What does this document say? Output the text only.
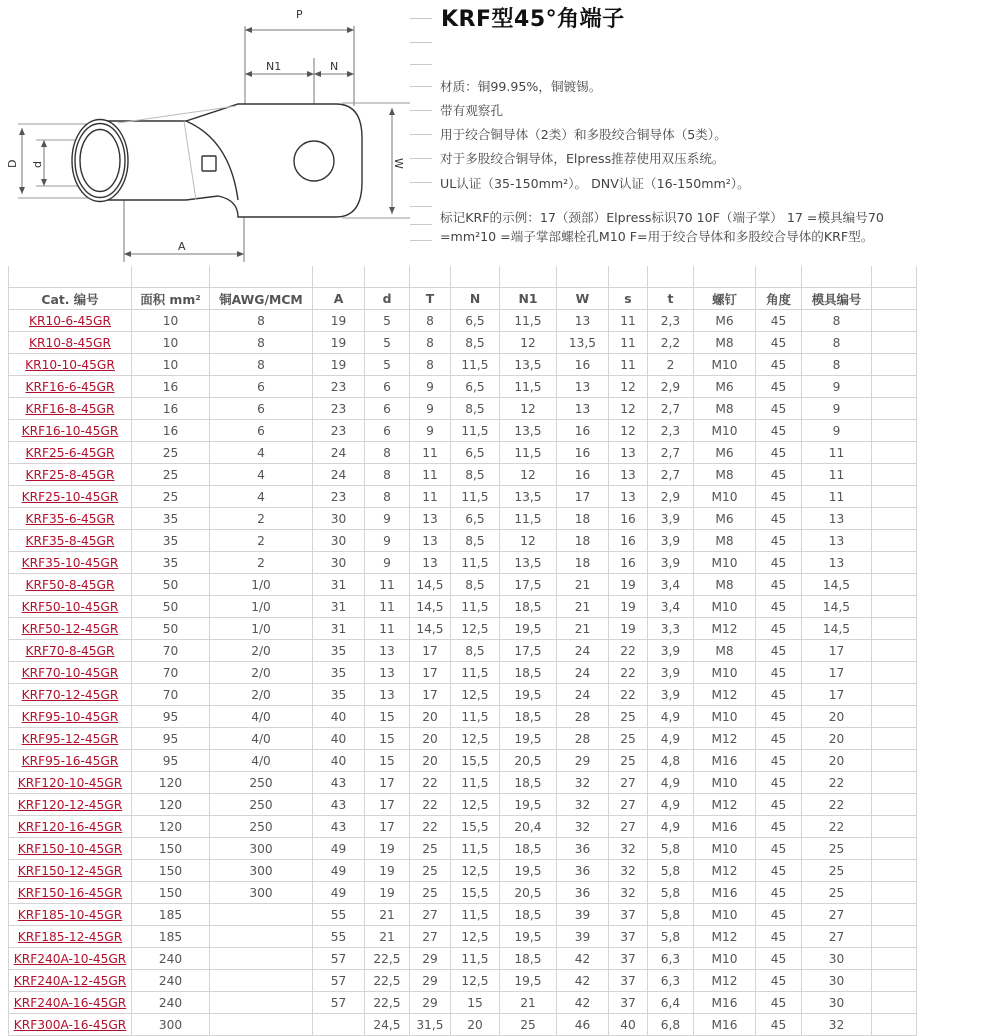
P
N1	N
W
D d
A
KRF型45°角端子
材质：铜99.95%，铜镀锡。
带有观察孔
用于绞合铜导体（2类）和多股绞合铜导体（5类）。
对于多股绞合铜导体，Elpress推荐使用双压系统。
UL认证（35-150mm²）。 DNV认证（16-150mm²）。
标记KRF的示例：17（颈部）Elpress标识70 10F（端子掌） 17 =模具编号70 =mm²10 =端子掌部螺栓孔M10 F=用于绞合导体和多股绞合导体的KRF型。

Cat. 编号	面积 mm²	铜AWG/MCM	A	d	T	N	N1	W	s	t	螺钉	角度	模具编号	
KR10-6-45GR	10	8	19	5	8	6,5	11,5	13	11	2,3	M6	45	8	
KR10-8-45GR	10	8	19	5	8	8,5	12	13,5	11	2,2	M8	45	8	
KR10-10-45GR	10	8	19	5	8	11,5	13,5	16	11	2	M10	45	8	
KRF16-6-45GR	16	6	23	6	9	6,5	11,5	13	12	2,9	M6	45	9	
KRF16-8-45GR	16	6	23	6	9	8,5	12	13	12	2,7	M8	45	9	
KRF16-10-45GR	16	6	23	6	9	11,5	13,5	16	12	2,3	M10	45	9	
KRF25-6-45GR	25	4	24	8	11	6,5	11,5	16	13	2,7	M6	45	11	
KRF25-8-45GR	25	4	24	8	11	8,5	12	16	13	2,7	M8	45	11	
KRF25-10-45GR	25	4	23	8	11	11,5	13,5	17	13	2,9	M10	45	11	
KRF35-6-45GR	35	2	30	9	13	6,5	11,5	18	16	3,9	M6	45	13	
KRF35-8-45GR	35	2	30	9	13	8,5	12	18	16	3,9	M8	45	13	
KRF35-10-45GR	35	2	30	9	13	11,5	13,5	18	16	3,9	M10	45	13	
KRF50-8-45GR	50	1/0	31	11	14,5	8,5	17,5	21	19	3,4	M8	45	14,5	
KRF50-10-45GR	50	1/0	31	11	14,5	11,5	18,5	21	19	3,4	M10	45	14,5	
KRF50-12-45GR	50	1/0	31	11	14,5	12,5	19,5	21	19	3,3	M12	45	14,5	
KRF70-8-45GR	70	2/0	35	13	17	8,5	17,5	24	22	3,9	M8	45	17	
KRF70-10-45GR	70	2/0	35	13	17	11,5	18,5	24	22	3,9	M10	45	17	
KRF70-12-45GR	70	2/0	35	13	17	12,5	19,5	24	22	3,9	M12	45	17	
KRF95-10-45GR	95	4/0	40	15	20	11,5	18,5	28	25	4,9	M10	45	20	
KRF95-12-45GR	95	4/0	40	15	20	12,5	19,5	28	25	4,9	M12	45	20	
KRF95-16-45GR	95	4/0	40	15	20	15,5	20,5	29	25	4,8	M16	45	20	
KRF120-10-45GR	120	250	43	17	22	11,5	18,5	32	27	4,9	M10	45	22	
KRF120-12-45GR	120	250	43	17	22	12,5	19,5	32	27	4,9	M12	45	22	
KRF120-16-45GR	120	250	43	17	22	15,5	20,4	32	27	4,9	M16	45	22	
KRF150-10-45GR	150	300	49	19	25	11,5	18,5	36	32	5,8	M10	45	25	
KRF150-12-45GR	150	300	49	19	25	12,5	19,5	36	32	5,8	M12	45	25	
KRF150-16-45GR	150	300	49	19	25	15,5	20,5	36	32	5,8	M16	45	25	
KRF185-10-45GR	185		55	21	27	11,5	18,5	39	37	5,8	M10	45	27	
KRF185-12-45GR	185		55	21	27	12,5	19,5	39	37	5,8	M12	45	27	
KRF240A-10-45GR	240		57	22,5	29	11,5	18,5	42	37	6,3	M10	45	30	
KRF240A-12-45GR	240		57	22,5	29	12,5	19,5	42	37	6,3	M12	45	30	
KRF240A-16-45GR	240		57	22,5	29	15	21	42	37	6,4	M16	45	30	
KRF300A-16-45GR	300			24,5	31,5	20	25	46	40	6,8	M16	45	32	
